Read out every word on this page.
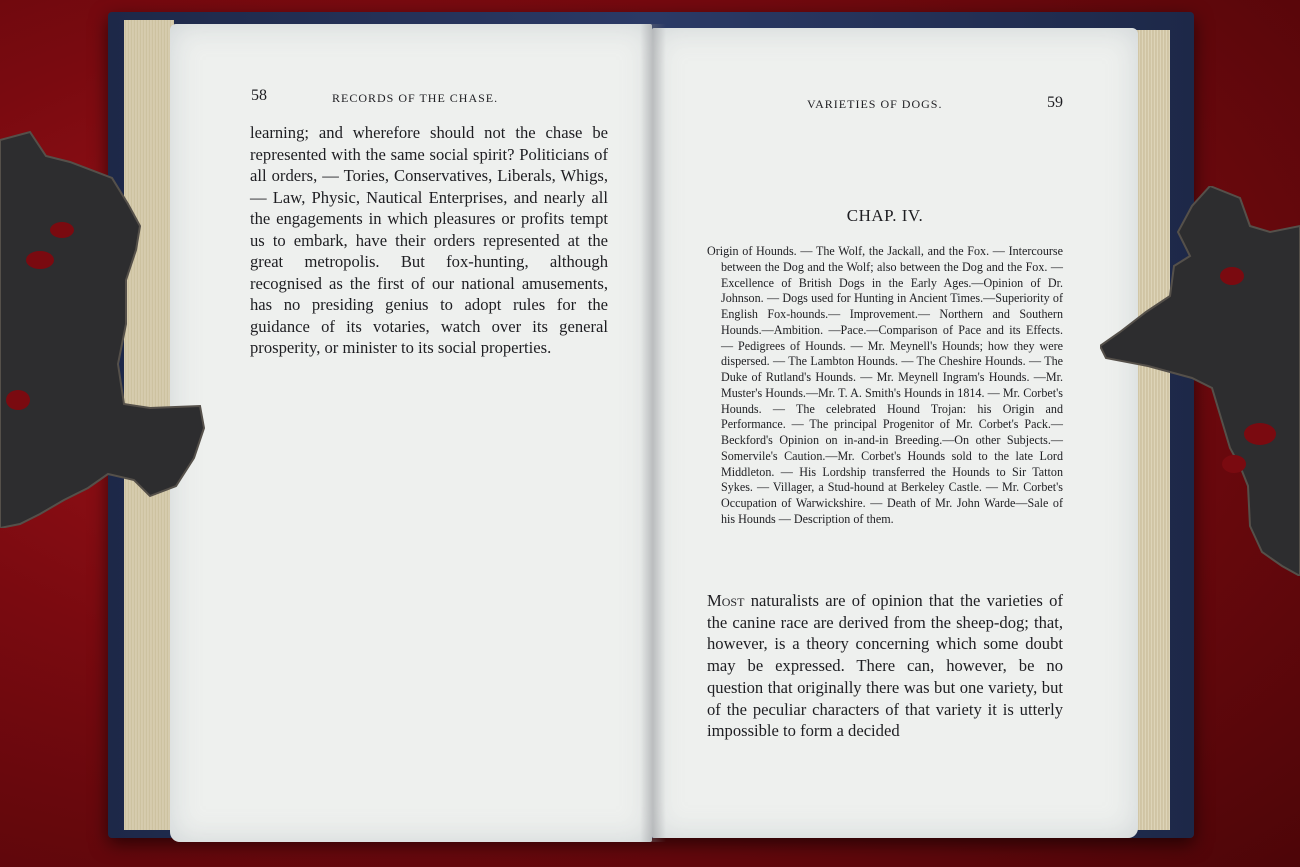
58	RECORDS OF THE CHASE.

learning; and wherefore should not the chase be represented with the same social spirit? Politicians of all orders, — Tories, Conservatives, Liberals, Whigs, — Law, Physic, Nautical Enterprises, and nearly all the engagements in which pleasures or profits tempt us to embark, have their orders represented at the great metropolis. But fox-hunting, although recognised as the first of our national amusements, has no presiding genius to adopt rules for the guidance of its votaries, watch over its general prosperity, or minister to its social properties.

VARIETIES OF DOGS.	59
CHAP. IV.

Origin of Hounds. — The Wolf, the Jackall, and the Fox. — Intercourse between the Dog and the Wolf; also between the Dog and the Fox. — Excellence of British Dogs in the Early Ages.—Opinion of Dr. Johnson. — Dogs used for Hunting in Ancient Times.—Superiority of English Fox-hounds.— Improvement.— Northern and Southern Hounds.—Ambition. —Pace.—Comparison of Pace and its Effects. — Pedigrees of Hounds. — Mr. Meynell's Hounds; how they were dispersed. — The Lambton Hounds. — The Cheshire Hounds. — The Duke of Rutland's Hounds. — Mr. Meynell Ingram's Hounds. —Mr. Muster's Hounds.—Mr. T. A. Smith's Hounds in 1814. — Mr. Corbet's Hounds. — The celebrated Hound Trojan: his Origin and Performance. — The principal Progenitor of Mr. Corbet's Pack.—Beckford's Opinion on in-and-in Breeding.—On other Subjects.—Somervile's Caution.—Mr. Corbet's Hounds sold to the late Lord Middleton. — His Lordship transferred the Hounds to Sir Tatton Sykes. — Villager, a Stud-hound at Berkeley Castle. — Mr. Corbet's Occupation of Warwickshire. — Death of Mr. John Warde—Sale of his Hounds — Description of them.

Most naturalists are of opinion that the varieties of the canine race are derived from the sheep-dog; that, however, is a theory concerning which some doubt may be expressed. There can, however, be no question that originally there was but one variety, but of the peculiar characters of that variety it is utterly impossible to form a decided
